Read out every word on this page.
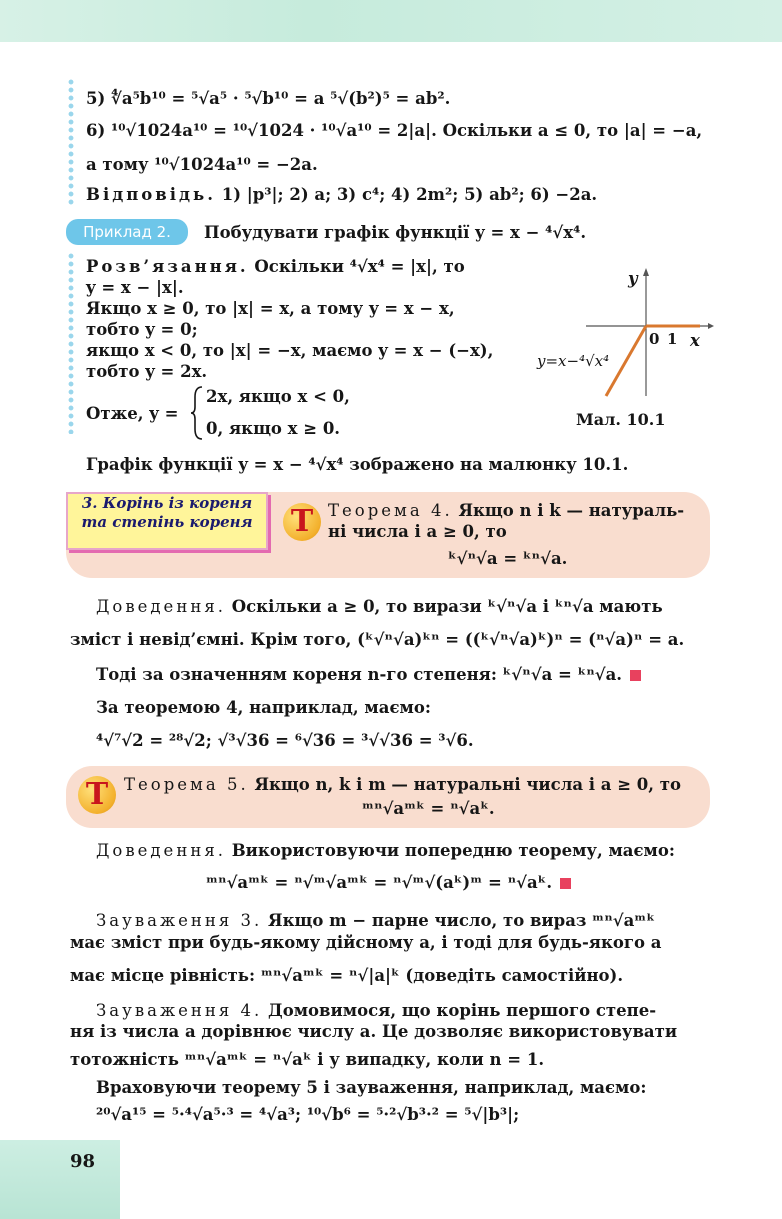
98
5) ∜a⁵b¹⁰ = ⁵√a⁵ · ⁵√b¹⁰ = a ⁵√(b²)⁵ = ab².
6) ¹⁰√1024a¹⁰ = ¹⁰√1024 · ¹⁰√a¹⁰ = 2|a|. Оскільки a ≤ 0, то |a| = −a,
а тому ¹⁰√1024a¹⁰ = −2a.
Відповідь. 1) |p³|; 2) a; 3) c⁴; 4) 2m²; 5) ab²; 6) −2a.
Приклад 2.	Побудувати графік функції y = x − ⁴√x⁴.
Розв’язання. Оскільки ⁴√x⁴ = |x|, то
y = x − |x|.
Якщо x ≥ 0, то |x| = x, а тому y = x − x,
тобто y = 0;
якщо x < 0, то |x| = −x, маємо y = x − (−x),
тобто y = 2x.
Отже, y =
2x, якщо x < 0,
0, якщо x ≥ 0.
y
0 1 x
y=x−⁴√x⁴
Мал. 10.1
Графік функції y = x − ⁴√x⁴ зображено на малюнку 10.1.
3. Корінь із кореня
та степінь кореня	T Теорема 4. Якщо n і k — натураль-
ні числа і a ≥ 0, то
ᵏ√ⁿ√a = ᵏⁿ√a.
Доведення. Оскільки a ≥ 0, то вирази ᵏ√ⁿ√a і ᵏⁿ√a мають
зміст і невід’ємні. Крім того, (ᵏ√ⁿ√a)ᵏⁿ = ((ᵏ√ⁿ√a)ᵏ)ⁿ = (ⁿ√a)ⁿ = a.
Тоді за означенням кореня n-го степеня: ᵏ√ⁿ√a = ᵏⁿ√a.
За теоремою 4, наприклад, маємо:
⁴√⁷√2 = ²⁸√2; √³√36 = ⁶√36 = ³√√36 = ³√6.
T Теорема 5. Якщо n, k і m — натуральні числа і a ≥ 0, то
ᵐⁿ√aᵐᵏ = ⁿ√aᵏ.
Доведення. Використовуючи попередню теорему, маємо:
ᵐⁿ√aᵐᵏ = ⁿ√ᵐ√aᵐᵏ = ⁿ√ᵐ√(aᵏ)ᵐ = ⁿ√aᵏ.
Зауваження 3. Якщо m − парне число, то вираз ᵐⁿ√aᵐᵏ
має зміст при будь-якому дійсному a, і тоді для будь-якого a
має місце рівність: ᵐⁿ√aᵐᵏ = ⁿ√|a|ᵏ (доведіть самостійно).
Зауваження 4. Домовимося, що корінь першого степе-
ня із числа a дорівнює числу a. Це дозволяє використовувати
тотожність ᵐⁿ√aᵐᵏ = ⁿ√aᵏ і у випадку, коли n = 1.
Враховуючи теорему 5 і зауваження, наприклад, маємо:
²⁰√a¹⁵ = ⁵·⁴√a⁵·³ = ⁴√a³; ¹⁰√b⁶ = ⁵·²√b³·² = ⁵√|b³|;
